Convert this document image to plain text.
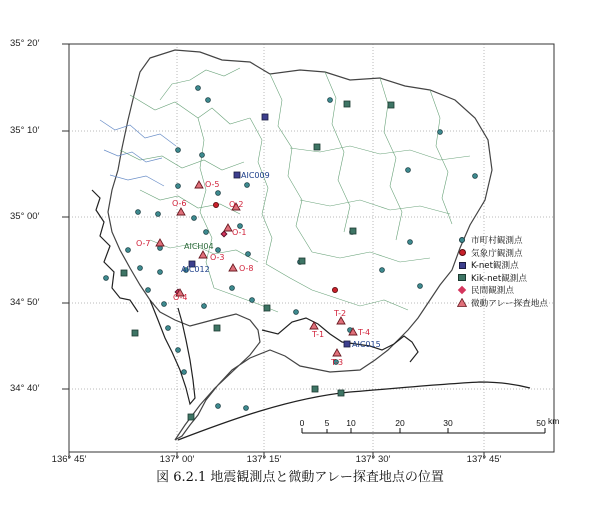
0 5 10	20	30	50 km
O-1
O-2
O-3
O-4
O-5
O-6
O-7
O-8
T-1
T-2
T-3
T-4
AIC009
AICH04
AIC012
AIC015
35° 20′
35° 10′
35° 00′
34° 50′
34° 40′
136° 45′	137° 00′	137° 15′	137° 30′	137° 45′
市町村観測点
気象庁観測点
K-net観測点
Kik-net観測点
民間観測点
微動アレー探査地点
図 6.2.1 地震観測点と微動アレー探査地点の位置
